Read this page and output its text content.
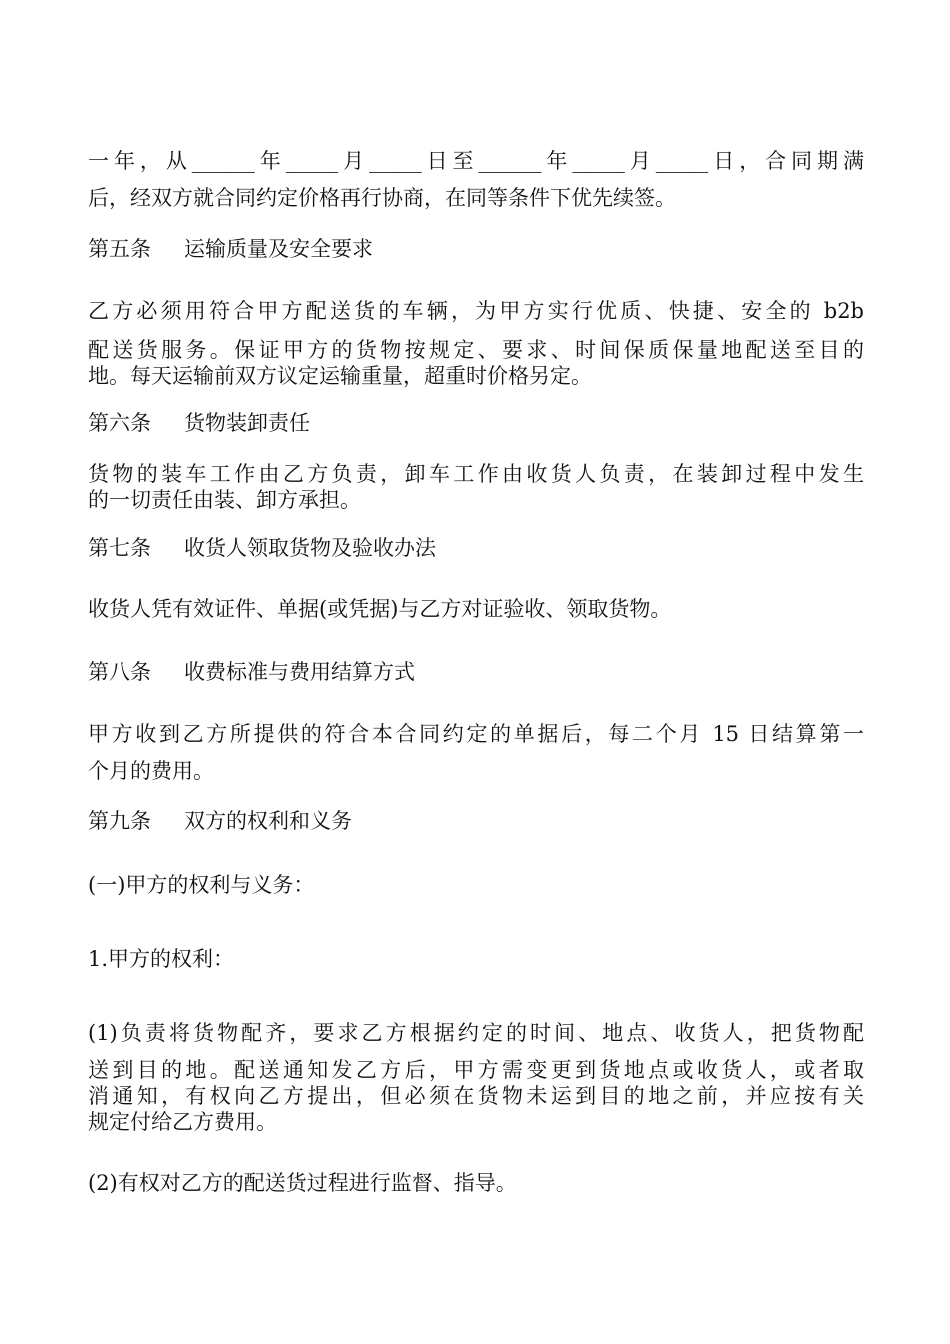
一年，从______年_____月_____日至______年_____月_____日，合同期满
后，经双方就合同约定价格再行协商，在同等条件下优先续签。
第五条 运输质量及安全要求
乙方必须用符合甲方配送货的车辆，为甲方实行优质、快捷、安全的 b2b
配送货服务。保证甲方的货物按规定、要求、时间保质保量地配送至目的
地。每天运输前双方议定运输重量，超重时价格另定。
第六条 货物装卸责任
货物的装车工作由乙方负责，卸车工作由收货人负责，在装卸过程中发生
的一切责任由装、卸方承担。
第七条 收货人领取货物及验收办法
收货人凭有效证件、单据(或凭据)与乙方对证验收、领取货物。
第八条 收费标准与费用结算方式
甲方收到乙方所提供的符合本合同约定的单据后，每二个月 15 日结算第一
个月的费用。
第九条 双方的权利和义务
(一)甲方的权利与义务：
1.甲方的权利：
(1)负责将货物配齐，要求乙方根据约定的时间、地点、收货人，把货物配
送到目的地。配送通知发乙方后，甲方需变更到货地点或收货人，或者取
消通知，有权向乙方提出，但必须在货物未运到目的地之前，并应按有关
规定付给乙方费用。
(2)有权对乙方的配送货过程进行监督、指导。
